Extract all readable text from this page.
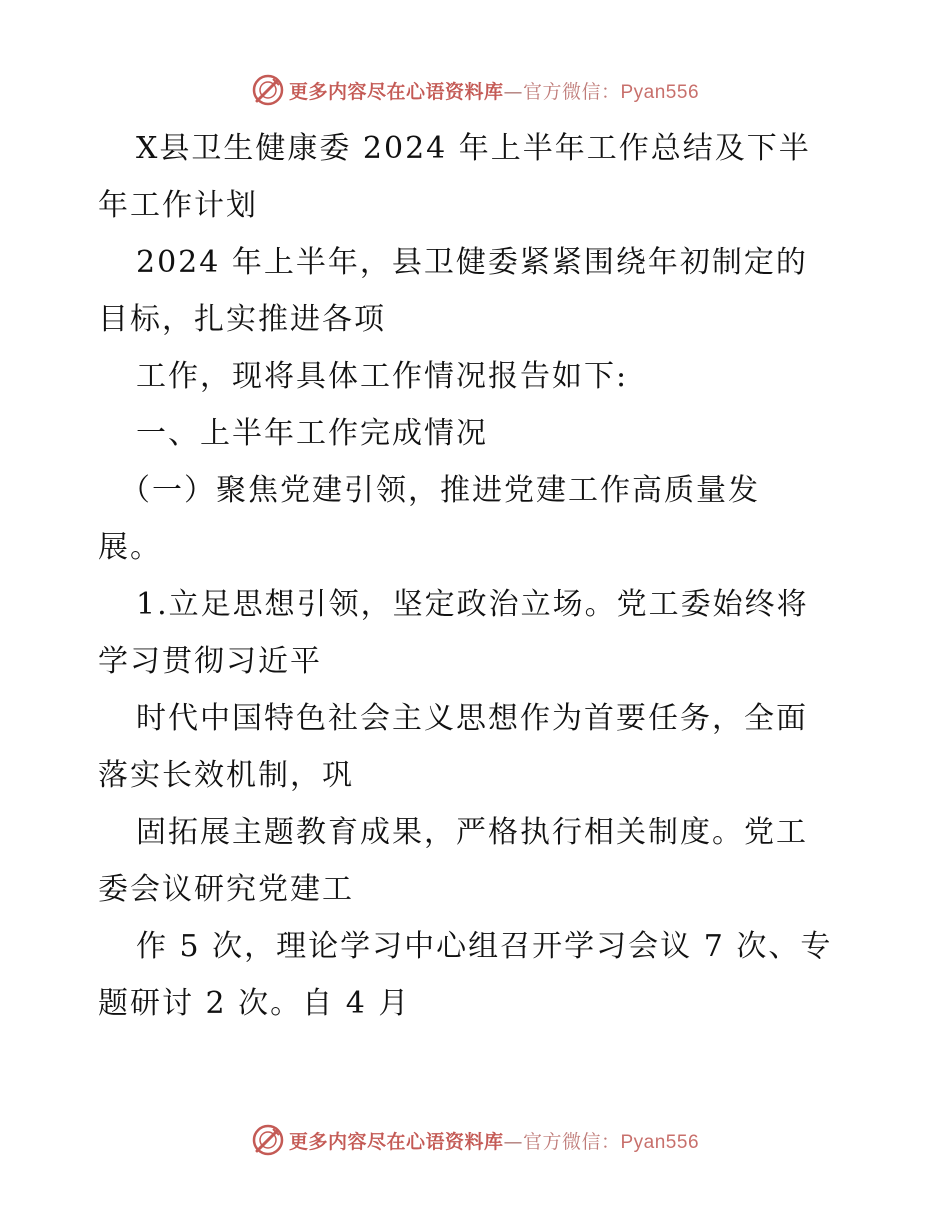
更多内容尽在心语资料库—官方微信：Pyan556
X县卫生健康委 2024 年上半年工作总结及下半
年工作计划
2024 年上半年，县卫健委紧紧围绕年初制定的
目标，扎实推进各项
工作，现将具体工作情况报告如下:
一、上半年工作完成情况
（一）聚焦党建引领，推进党建工作高质量发
展。
1.立足思想引领，坚定政治立场。党工委始终将
学习贯彻习近平
时代中国特色社会主义思想作为首要任务，全面
落实长效机制，巩
固拓展主题教育成果，严格执行相关制度。党工
委会议研究党建工
作 5 次，理论学习中心组召开学习会议 7 次、专
题研讨 2 次。自 4 月
更多内容尽在心语资料库—官方微信：Pyan556
